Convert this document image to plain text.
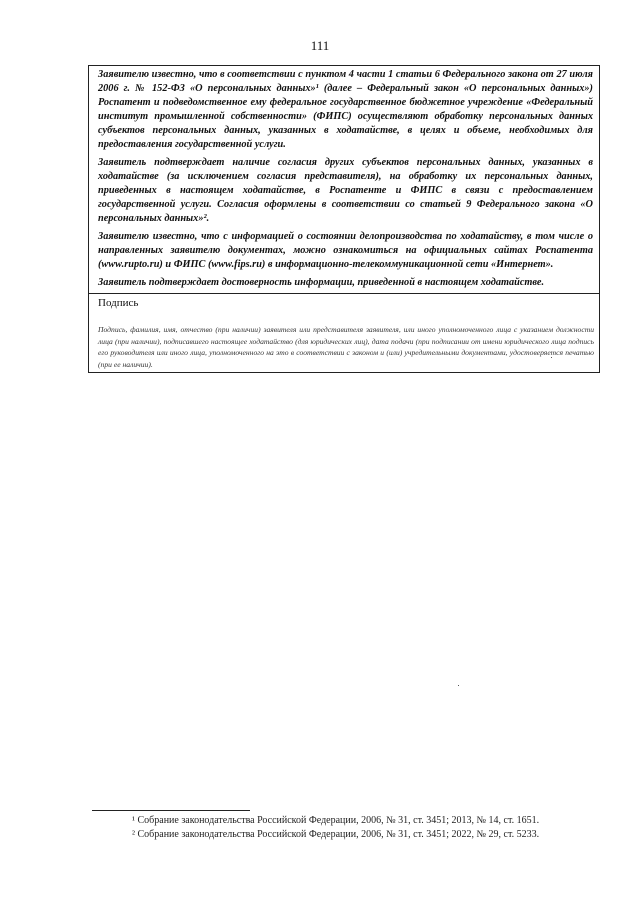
111
Заявителю известно, что в соответствии с пунктом 4 части 1 статьи 6 Федерального закона от 27 июля 2006 г. № 152-ФЗ «О персональных данных»¹ (далее – Федеральный закон «О персональных данных») Роспатент и подведомственное ему федеральное государственное бюджетное учреждение «Федеральный институт промышленной собственности» (ФИПС) осуществляют обработку персональных данных субъектов персональных данных, указанных в ходатайстве, в целях и объеме, необходимых для предоставления государственной услуги.
Заявитель подтверждает наличие согласия других субъектов персональных данных, указанных в ходатайстве (за исключением согласия представителя), на обработку их персональных данных, приведенных в настоящем ходатайстве, в Роспатенте и ФИПС в связи с предоставлением государственной услуги. Согласия оформлены в соответствии со статьей 9 Федерального закона «О персональных данных»².
Заявителю известно, что с информацией о состоянии делопроизводства по ходатайству, в том числе о направленных заявителю документах, можно ознакомиться на официальных сайтах Роспатента (www.rupto.ru) и ФИПС (www.fips.ru) в информационно-телекоммуникационной сети «Интернет».
Заявитель подтверждает достоверность информации, приведенной в настоящем ходатайстве.
Подпись
Подпись, фамилия, имя, отчество (при наличии) заявителя или представителя заявителя, или иного уполномоченного лица с указанием должности лица (при наличии), подписавшего настоящее ходатайство (для юридических лиц), дата подачи (при подписании от имени юридического лица подпись его руководителя или иного лица, уполномоченного на это в соответствии с законом и (или) учредительными документами, удостоверяется печатью (при ее наличии).
¹ Собрание законодательства Российской Федерации, 2006, № 31, ст. 3451; 2013, № 14, ст. 1651.
² Собрание законодательства Российской Федерации, 2006, № 31, ст. 3451; 2022, № 29, ст. 5233.
